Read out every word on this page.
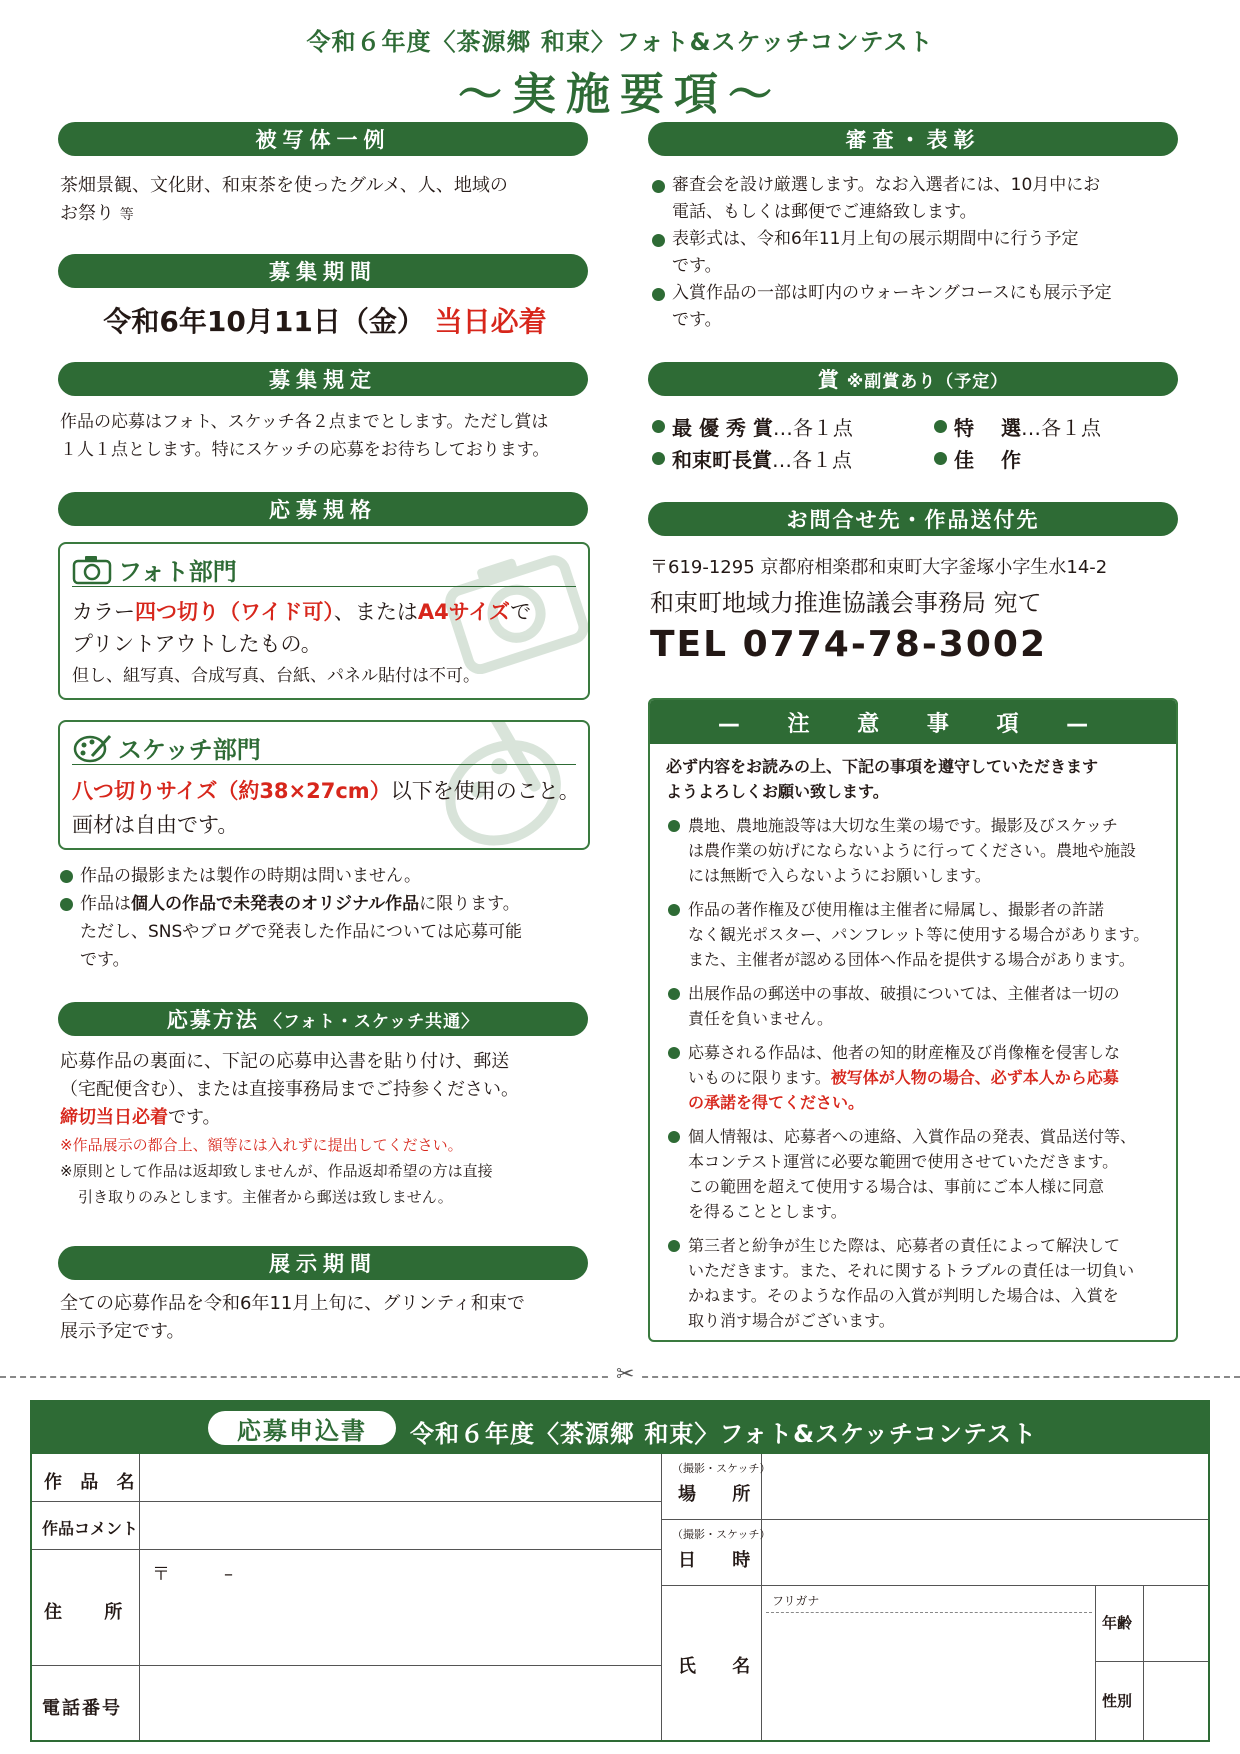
令和６年度〈茶源郷 和束〉フォト&スケッチコンテスト
〜実施要項〜
被写体一例
茶畑景観、文化財、和束茶を使ったグルメ、人、地域の
お祭り 等
募集期間
令和6年10月11日（金） 当日必着
募集規定
作品の応募はフォト、スケッチ各２点までとします。ただし賞は
１人１点とします。特にスケッチの応募をお待ちしております。
応募規格
フォト部門
カラー四つ切り（ワイド可）、またはA4サイズで
プリントアウトしたもの。
但し、組写真、合成写真、台紙、パネル貼付は不可。
スケッチ部門
八つ切りサイズ（約38×27cm）以下を使用のこと。
画材は自由です。
作品の撮影または製作の時期は問いません。
作品は個人の作品で未発表のオリジナル作品に限ります。
ただし、SNSやブログで発表した作品については応募可能
です。
応募方法 〈フォト・スケッチ共通〉
応募作品の裏面に、下記の応募申込書を貼り付け、郵送
（宅配便含む）、または直接事務局までご持参ください。
締切当日必着です。
※作品展示の都合上、額等には入れずに提出してください。
※原則として作品は返却致しませんが、作品返却希望の方は直接
引き取りのみとします。主催者から郵送は致しません。
展示期間
全ての応募作品を令和6年11月上旬に、グリンティ和束で
展示予定です。
審査・表彰
審査会を設け厳選します。なお入選者には、10月中にお
電話、もしくは郵便でご連絡致します。
表彰式は、令和6年11月上旬の展示期間中に行う予定
です。
入賞作品の一部は町内のウォーキングコースにも展示予定
です。
賞 ※副賞あり（予定）
最 優 秀 賞…各１点	特　 選…各１点
和束町長賞…各１点	佳　 作
お問合せ先・作品送付先
〒619-1295 京都府相楽郡和束町大字釜塚小字生水14-2
和束町地域力推進協議会事務局 宛て
TEL 0774-78-3002
— 注 意 事 項 —
必ず内容をお読みの上、下記の事項を遵守していただきます
ようよろしくお願い致します。
農地、農地施設等は大切な生業の場です。撮影及びスケッチ
は農作業の妨げにならないように行ってください。農地や施設
には無断で入らないようにお願いします。
作品の著作権及び使用権は主催者に帰属し、撮影者の許諾
なく観光ポスター、パンフレット等に使用する場合があります。
また、主催者が認める団体へ作品を提供する場合があります。
出展作品の郵送中の事故、破損については、主催者は一切の
責任を負いません。
応募される作品は、他者の知的財産権及び肖像権を侵害しな
いものに限ります。被写体が人物の場合、必ず本人から応募
の承諾を得てください。
個人情報は、応募者への連絡、入賞作品の発表、賞品送付等、
本コンテスト運営に必要な範囲で使用させていただきます。
この範囲を超えて使用する場合は、事前にご本人様に同意
を得ることとします。
第三者と紛争が生じた際は、応募者の責任によって解決して
いただきます。また、それに関するトラブルの責任は一切負い
かねます。そのような作品の入賞が判明した場合は、入賞を
取り消す場合がございます。
✂
応募申込書	令和６年度〈茶源郷 和束〉フォト&スケッチコンテスト
作 品 名
作品コメント
住　 所
〒　　　–
電話番号
（撮影・スケッチ）
場　 所
（撮影・スケッチ）
日　 時
氏　 名
フリガナ
年齢
性別
